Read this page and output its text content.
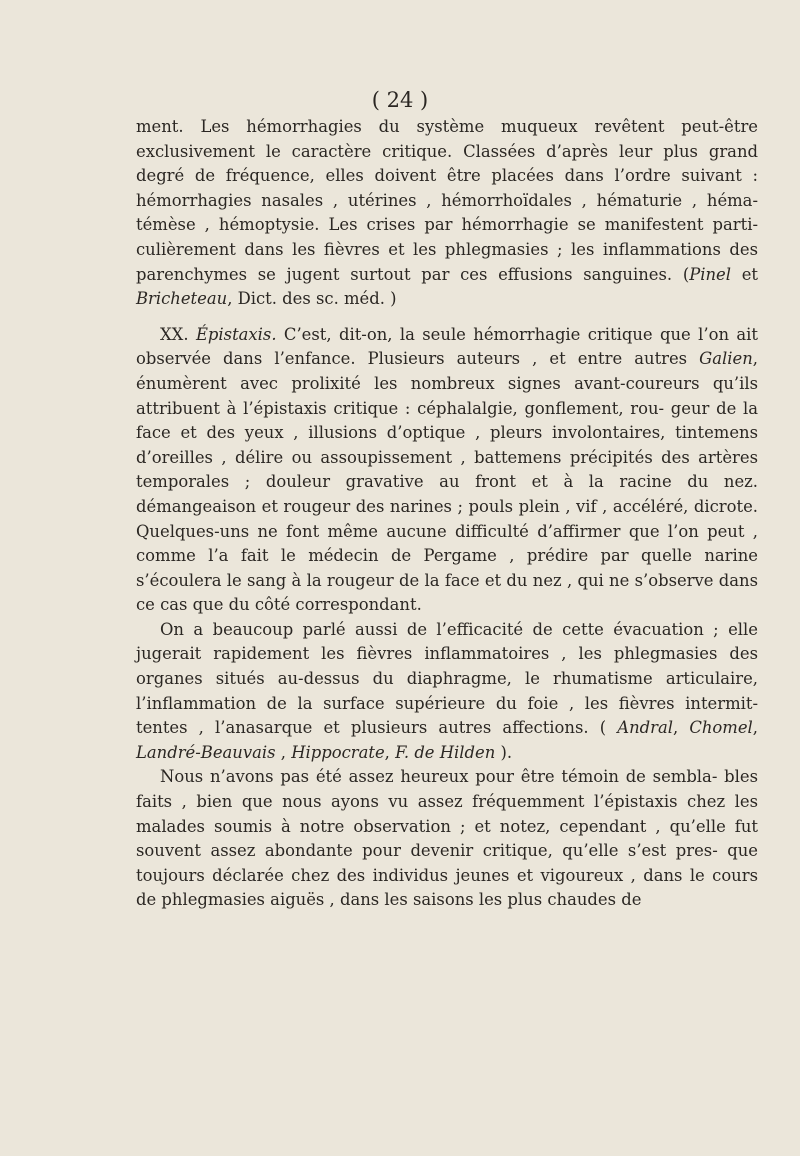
( 24 )

ment. Les hémorrhagies du système muqueux revêtent peut-être exclusivement le caractère critique. Classées d’après leur plus grand degré de fréquence, elles doivent être placées dans l’ordre suivant : hémorrhagies nasales , utérines , hémorrhoïdales , hématurie , héma- témèse , hémoptysie. Les crises par hémorrhagie se manifestent parti- culièrement dans les fièvres et les phlegmasies ; les inflammations des parenchymes se jugent surtout par ces effusions sanguines. (Pinel et Bricheteau, Dict. des sc. méd. )

XX. Épistaxis. C’est, dit-on, la seule hémorrhagie critique que l’on ait observée dans l’enfance. Plusieurs auteurs , et entre autres Galien, énumèrent avec prolixité les nombreux signes avant-coureurs qu’ils attribuent à l’épistaxis critique : céphalalgie, gonflement, rou- geur de la face et des yeux , illusions d’optique , pleurs involontaires, tintemens d’oreilles , délire ou assoupissement , battemens précipités des artères temporales ; douleur gravative au front et à la racine du nez. démangeaison et rougeur des narines ; pouls plein , vif , accéléré, dicrote. Quelques-uns ne font même aucune difficulté d’affirmer que l’on peut , comme l’a fait le médecin de Pergame , prédire par quelle narine s’écoulera le sang à la rougeur de la face et du nez , qui ne s’observe dans ce cas que du côté correspondant.

On a beaucoup parlé aussi de l’efficacité de cette évacuation ; elle jugerait rapidement les fièvres inflammatoires , les phlegmasies des organes situés au-dessus du diaphragme, le rhumatisme articulaire, l’inflammation de la surface supérieure du foie , les fièvres intermit- tentes , l’anasarque et plusieurs autres affections. ( Andral, Chomel, Landré-Beauvais , Hippocrate, F. de Hilden ).

Nous n’avons pas été assez heureux pour être témoin de sembla- bles faits , bien que nous ayons vu assez fréquemment l’épistaxis chez les malades soumis à notre observation ; et notez, cependant , qu’elle fut souvent assez abondante pour devenir critique, qu’elle s’est pres- que toujours déclarée chez des individus jeunes et vigoureux , dans le cours de phlegmasies aiguës , dans les saisons les plus chaudes de
